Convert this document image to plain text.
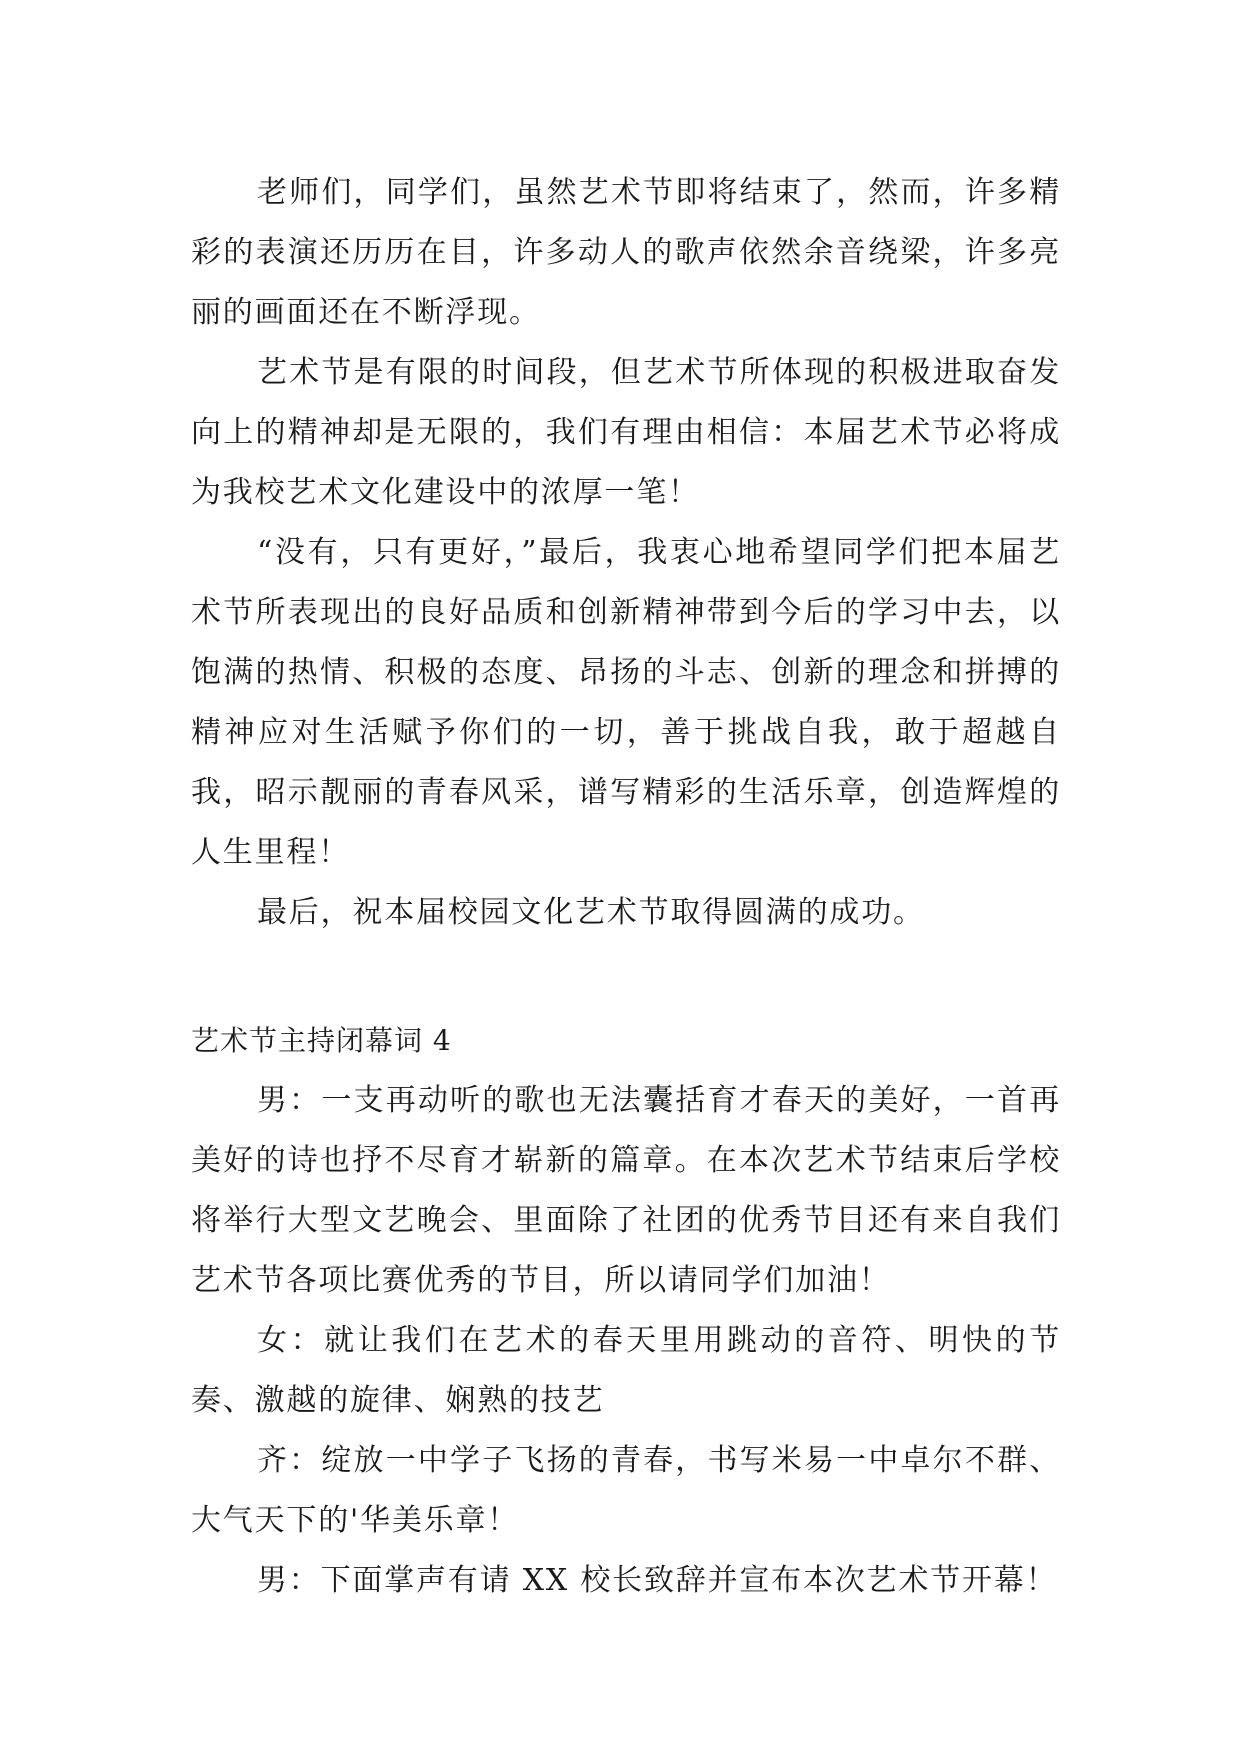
老师们，同学们，虽然艺术节即将结束了，然而，许多精彩的表演还历历在目，许多动人的歌声依然余音绕梁，许多亮丽的画面还在不断浮现。

艺术节是有限的时间段，但艺术节所体现的积极进取奋发向上的精神却是无限的，我们有理由相信：本届艺术节必将成为我校艺术文化建设中的浓厚一笔！

“没有，只有更好，”最后，我衷心地希望同学们把本届艺术节所表现出的良好品质和创新精神带到今后的学习中去，以饱满的热情、积极的态度、昂扬的斗志、创新的理念和拼搏的精神应对生活赋予你们的一切，善于挑战自我，敢于超越自我，昭示靓丽的青春风采，谱写精彩的生活乐章，创造辉煌的人生里程！

最后，祝本届校园文化艺术节取得圆满的成功。

艺术节主持闭幕词 4

男：一支再动听的歌也无法囊括育才春天的美好，一首再美好的诗也抒不尽育才崭新的篇章。在本次艺术节结束后学校将举行大型文艺晚会、里面除了社团的优秀节目还有来自我们艺术节各项比赛优秀的节目，所以请同学们加油！

女：就让我们在艺术的春天里用跳动的音符、明快的节奏、激越的旋律、娴熟的技艺

齐：绽放一中学子飞扬的青春，书写米易一中卓尔不群、大气天下的'华美乐章！

男：下面掌声有请 XX 校长致辞并宣布本次艺术节开幕！
